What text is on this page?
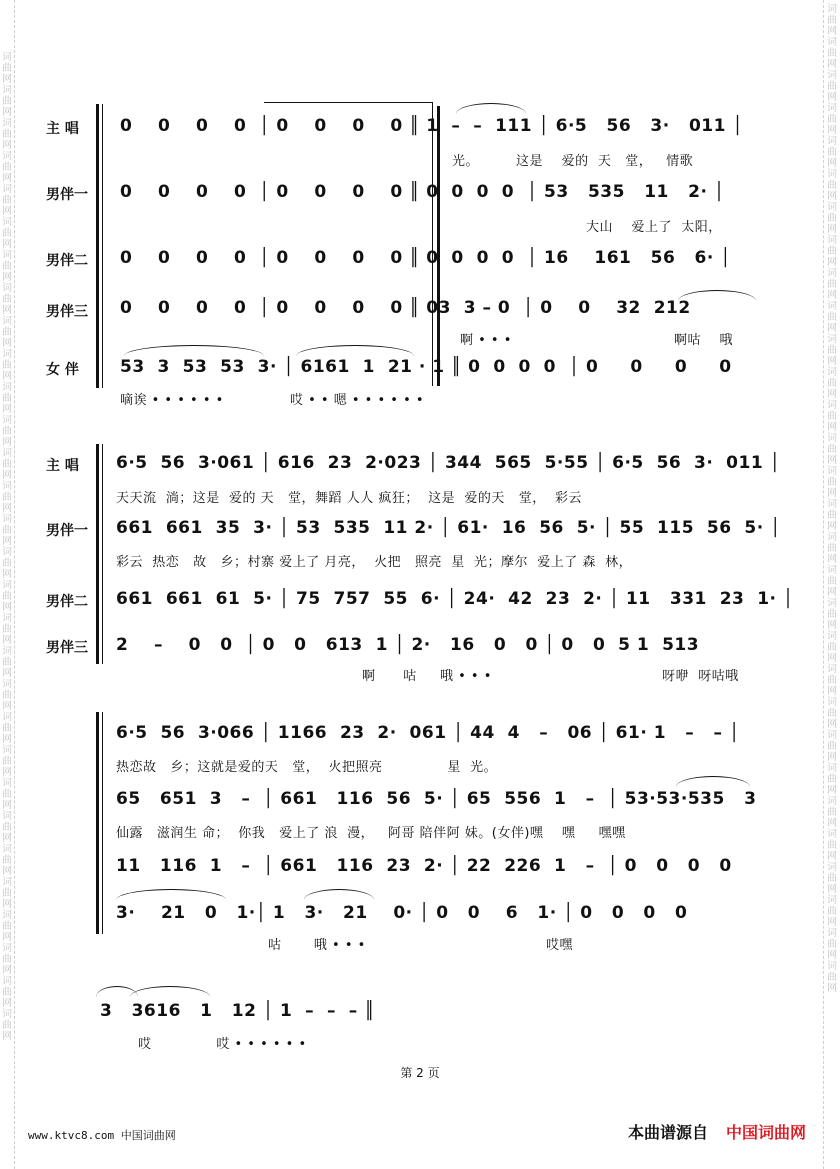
词曲网词曲网词曲网词曲网词曲网词曲网词曲网词曲网词曲网词曲网词曲网词曲网词曲网词曲网词曲网词曲网词曲网词曲网词曲网词曲网词曲网词曲网词曲网词曲网词曲网词曲网词曲网词曲网词曲网词曲网
词曲网词曲网词曲网词曲网词曲网词曲网词曲网词曲网词曲网词曲网词曲网词曲网词曲网词曲网词曲网词曲网词曲网词曲网词曲网词曲网词曲网词曲网词曲网词曲网词曲网词曲网词曲网词曲网词曲网词曲网
主 唱 0    0    0    0  │ 0    0    0    0 ║ 1  –  –  111 │ 6·5   56   3·   011 │
光。        这是    爱的  天   堂，   情歌
男伴一 0    0    0    0  │ 0    0    0    0 ║ 0  0  0  0  │ 53   535   11   2· │
大山    爱上了  太阳，
男伴二 0    0    0    0  │ 0    0    0    0 ║ 0  0  0  0  │ 16    161   56   6· │
男伴三 0    0    0    0  │ 0    0    0    0 ║ 03  3 – 0  │ 0    0    32  212
啊 • • •	啊咕    哦
女 伴 53  3  53  53  3· │ 6161  1  21 · 1 ║ 0  0  0  0  │ 0     0     0     0
嘀诶 • • • • • •	哎 • • 嗯 • • • • • •
主 唱 6·5  56  3·061 │ 616  23  2·023 │ 344  565  5·55 │ 6·5  56  3·  011 │
天天流  淌；这是  爱的 天   堂，舞蹈 人人 疯狂；  这是  爱的天   堂，  彩云
男伴一 661  661  35  3· │ 53  535  11 2· │ 61·  16  56  5· │ 55  115  56  5· │
彩云  热恋   故   乡；村寨 爱上了 月亮，  火把   照亮  星  光；摩尔  爱上了 森  林，
男伴二 661  661  61  5· │ 75  757  55  6· │ 24·  42  23  2· │ 11   331  23  1· │
男伴三 2    –    0   0  │ 0   0   613  1 │ 2·   16   0   0 │ 0   0  5 1  513
啊      咕     哦 • • •	呀咿  呀咕哦
6·5  56  3·066 │ 1166  23  2·  061 │ 44  4   –   06 │ 61· 1   –   – │
热恋故   乡；这就是爱的天   堂，  火把照亮              星  光。
65   651  3   –  │ 661   116  56  5· │ 65  556  1   –  │ 53·53·535   3
仙露   滋润生 命；  你我   爱上了 浪  漫，   阿哥 陪伴阿 妹。(女伴)嘿    嘿     嘿嘿
11   116  1   –  │ 661   116  23  2· │ 22  226  1   –  │ 0   0   0   0
3·    21   0   1·│ 1   3·   21    0· │ 0   0    6   1· │ 0   0   0   0
咕       哦 • • •	哎嘿
3   3616   1   12 │ 1  –  –  – ║
哎              哎 • • • • • •
第 2 页
www.ktvc8.com 中国词曲网	本曲谱源自 中国词曲网
